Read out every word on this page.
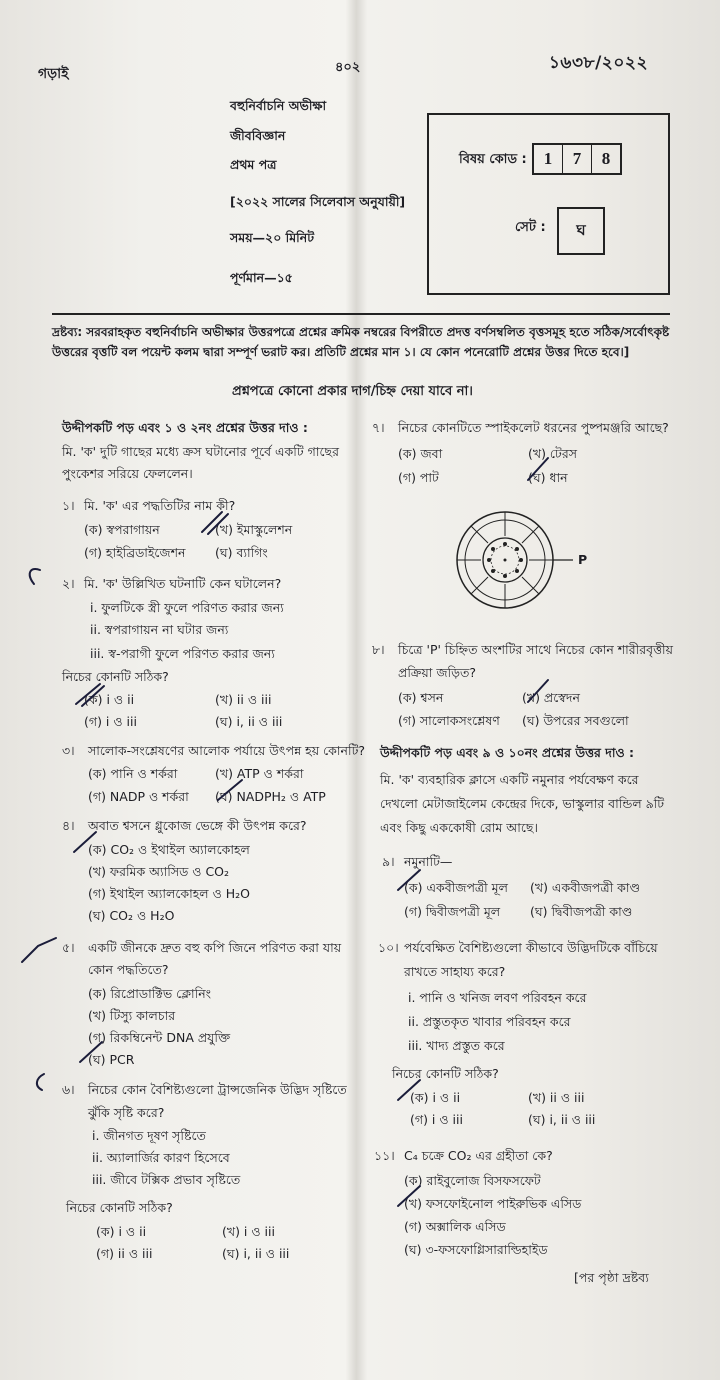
গড়াই	৪০২	১৬৩৮/২০২২
বহুনির্বাচনি অভীক্ষা
জীববিজ্ঞান
প্রথম পত্র
[২০২২ সালের সিলেবাস অনুযায়ী]
সময়—২০ মিনিট
পূর্ণমান—১৫
বিষয় কোড :	1	7	8
সেট :	ঘ
দ্রষ্টব্য: সরবরাহকৃত বহুনির্বাচনি অভীক্ষার উত্তরপত্রে প্রশ্নের ক্রমিক নম্বরের বিপরীতে প্রদত্ত বর্ণসম্বলিত বৃত্তসমূহ হতে সঠিক/সর্বোৎকৃষ্ট
উত্তরের বৃত্তটি বল পয়েন্ট কলম দ্বারা সম্পূর্ণ ভরাট কর। প্রতিটি প্রশ্নের মান ১। যে কোন পনেরোটি প্রশ্নের উত্তর দিতে হবে।]
প্রশ্নপত্রে কোনো প্রকার দাগ/চিহ্ন দেয়া যাবে না।
উদ্দীপকটি পড় এবং ১ ও ২নং প্রশ্নের উত্তর দাও :
মি. 'ক' দুটি গাছের মধ্যে ক্রস ঘটানোর পূর্বে একটি গাছের
পুংকেশর সরিয়ে ফেললেন।
১। মি. 'ক' এর পদ্ধতিটির নাম কী?
(ক) স্বপরাগায়ন	(খ) ইমাস্কুলেশন
(গ) হাইব্রিডাইজেশন (ঘ) ব্যাগিং
২। মি. 'ক' উল্লিখিত ঘটনাটি কেন ঘটালেন?
i. ফুলটিকে স্ত্রী ফুলে পরিণত করার জন্য
ii. স্বপরাগায়ন না ঘটার জন্য
iii. স্ব-পরাগী ফুলে পরিণত করার জন্য
নিচের কোনটি সঠিক?
(ক) i ও ii	(খ) ii ও iii
(গ) i ও iii	(ঘ) i, ii ও iii
৩। সালোক-সংশ্লেষণের আলোক পর্যায়ে উৎপন্ন হয় কোনটি?
(ক) পানি ও শর্করা	(খ) ATP ও শর্করা
(গ) NADP ও শর্করা (ঘ) NADPH₂ ও ATP
৪। অবাত শ্বসনে গ্লুকোজ ভেঙ্গে কী উৎপন্ন করে?
(ক) CO₂ ও ইথাইল অ্যালকোহল
(খ) ফরমিক অ্যাসিড ও CO₂
(গ) ইথাইল অ্যালকোহল ও H₂O
(ঘ) CO₂ ও H₂O
৫। একটি জীনকে দ্রুত বহু কপি জিনে পরিণত করা যায়
কোন পদ্ধতিতে?
(ক) রিপ্রোডাক্টিভ ক্লোনিং
(খ) টিস্যু কালচার
(গ) রিকম্বিনেন্ট DNA প্রযুক্তি
(ঘ) PCR
৬। নিচের কোন বৈশিষ্ট্যগুলো ট্রান্সজেনিক উদ্ভিদ সৃষ্টিতে
ঝুঁকি সৃষ্টি করে?
i. জীনগত দূষণ সৃষ্টিতে
ii. অ্যালার্জির কারণ হিসেবে
iii. জীবে টক্সিক প্রভাব সৃষ্টিতে
নিচের কোনটি সঠিক?
(ক) i ও ii	(খ) i ও iii
(গ) ii ও iii	(ঘ) i, ii ও iii
৭। নিচের কোনটিতে স্পাইকলেট ধরনের পুষ্পমঞ্জরি আছে?
(ক) জবা	(খ) টেরস
(গ) পাট	(ঘ) ধান
P
৮। চিত্রে 'P' চিহ্নিত অংশটির সাথে নিচের কোন শারীরবৃত্তীয়
প্রক্রিয়া জড়িত?
(ক) শ্বসন	(খ) প্রস্বেদন
(গ) সালোকসংশ্লেষণ (ঘ) উপরের সবগুলো
উদ্দীপকটি পড় এবং ৯ ও ১০নং প্রশ্নের উত্তর দাও :
মি. 'ক' ব্যবহারিক ক্লাসে একটি নমুনার পর্যবেক্ষণ করে
দেখলো মেটাজাইলেম কেন্দ্রের দিকে, ভাস্কুলার বান্ডিল ৯টি
এবং কিছু এককোষী রোম আছে।
৯। নমুনাটি—
(ক) একবীজপত্রী মূল (খ) একবীজপত্রী কাণ্ড
(গ) দ্বিবীজপত্রী মূল (ঘ) দ্বিবীজপত্রী কাণ্ড
১০। পর্যবেক্ষিত বৈশিষ্ট্যগুলো কীভাবে উদ্ভিদটিকে বাঁচিয়ে
রাখতে সাহায্য করে?
i. পানি ও খনিজ লবণ পরিবহন করে
ii. প্রস্তুতকৃত খাবার পরিবহন করে
iii. খাদ্য প্রস্তুত করে
নিচের কোনটি সঠিক?
(ক) i ও ii	(খ) ii ও iii
(গ) i ও iii	(ঘ) i, ii ও iii
১১। C₄ চক্রে CO₂ এর গ্রহীতা কে?
(ক) রাইবুলোজ বিসফসফেট
(খ) ফসফোইনোল পাইরুভিক এসিড
(গ) অক্সালিক এসিড
(ঘ) ৩-ফসফোগ্লিসারাল্ডিহাইড
[পর পৃষ্ঠা দ্রষ্টব্য
